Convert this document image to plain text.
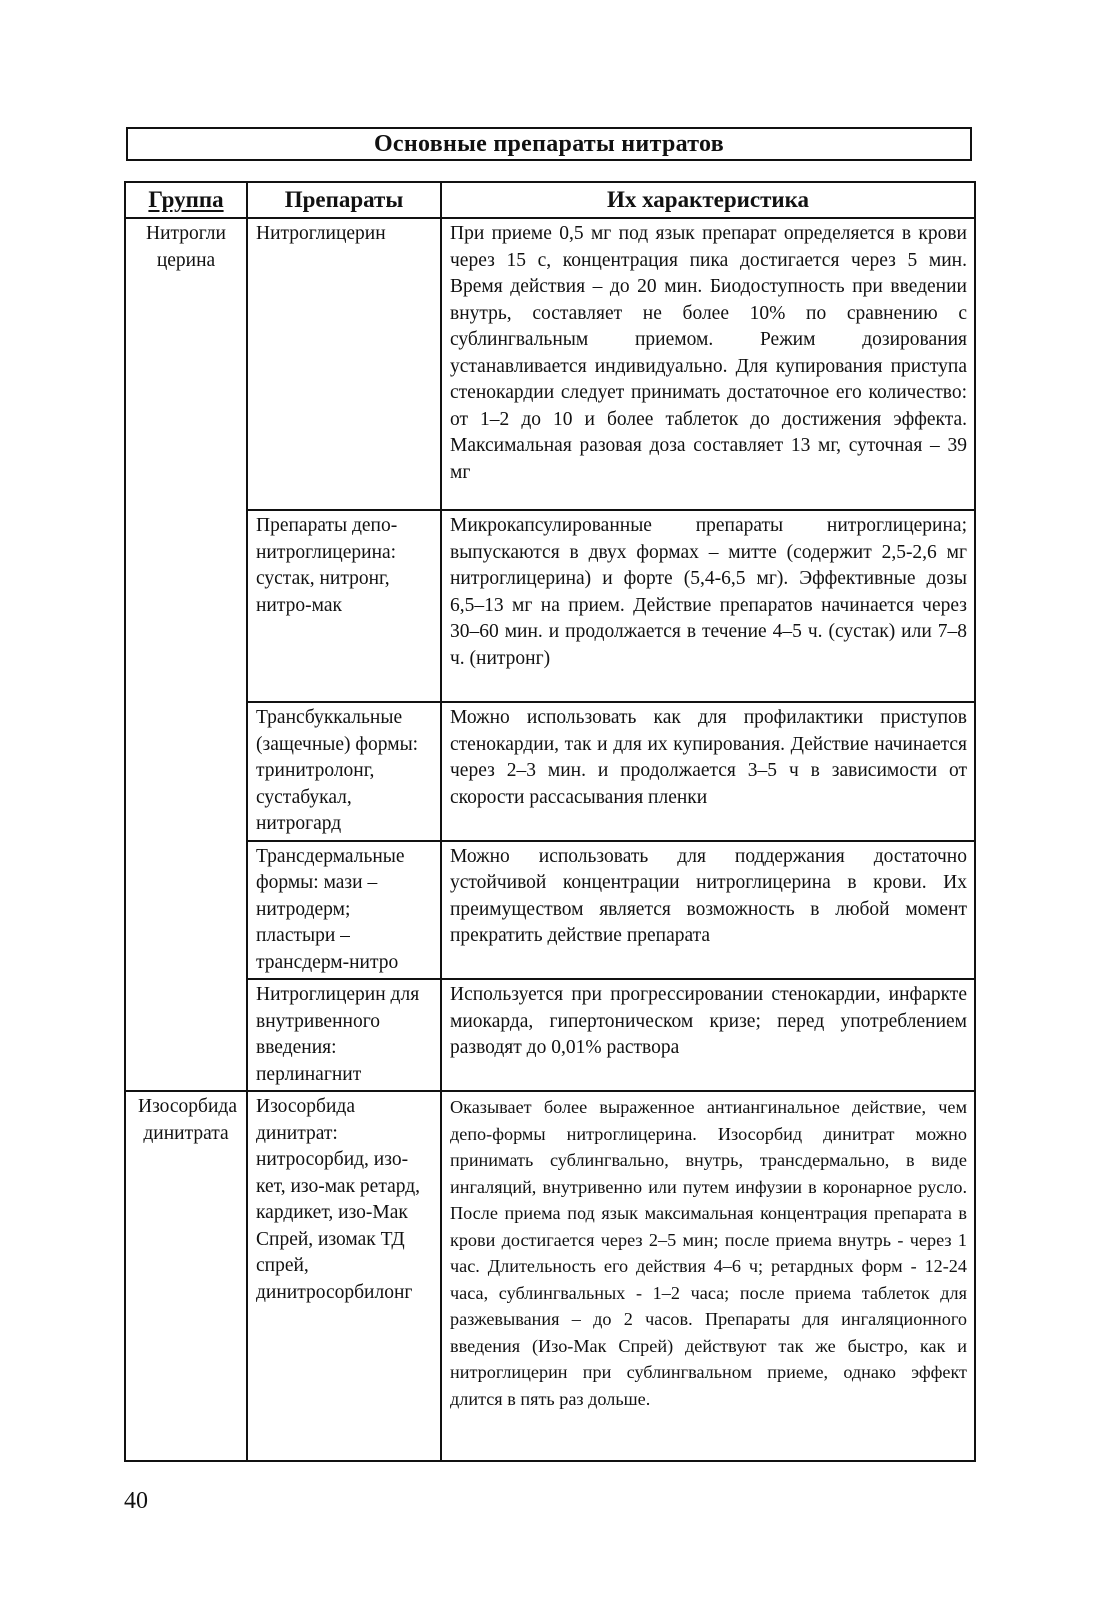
Основные препараты нитратов
Группа	Препараты	Их характеристика

Нитроглицерина	Нитроглицерин	При приеме 0,5 мг под язык препарат определяется в крови через 15 с, концентрация пика достигается через 5 мин. Время действия – до 20 мин. Биодоступность при введении внутрь, составляет не более 10% по сравнению с сублингвальным приемом. Режим дозирования устанавливается индивидуально. Для купирования приступа стенокардии следует принимать достаточное его количество: от 1–2 до 10 и более таблеток до достижения эффекта. Максимальная разовая доза составляет 13 мг, суточная – 39 мг

	Препараты депо-нитроглицерина: сустак, нитронг, нитро-мак	Микрокапсулированные препараты нитроглицерина; выпускаются в двух формах – митте (содержит 2,5-2,6 мг нитроглицерина) и форте (5,4-6,5 мг). Эффективные дозы 6,5–13 мг на прием. Действие препаратов начинается через 30–60 мин. и продолжается в течение 4–5 ч. (сустак) или 7–8 ч. (нитронг)

	Трансбуккальные (защечные) формы: тринитролонг, сустабукал, нитрогард	Можно использовать как для профилактики приступов стенокардии, так и для их купирования. Действие начинается через 2–3 мин. и продолжается 3–5 ч в зависимости от скорости рассасывания пленки

	Трансдермальные формы: мази – нитродерм; пластыри – трансдерм-нитро	Можно использовать для поддержания достаточно устойчивой концентрации нитроглицерина в крови. Их преимуществом является возможность в любой момент прекратить действие препарата

	Нитроглицерин для внутривенного введения: перлинагнит	Используется при прогрессировании стенокардии, инфаркте миокарда, гипертоническом кризе; перед употреблением разводят до 0,01% раствора

Изосорбида динитрата	Изосорбида динитрат: нитросорбид, изо-кет, изо-мак ретард, кардикет, изо-Мак Спрей, изомак ТД спрей, динитросорбилонг	Оказывает более выраженное антиангинальное действие, чем депо-формы нитроглицерина. Изосорбид динитрат можно принимать сублингвально, внутрь, трансдермально, в виде ингаляций, внутривенно или путем инфузии в коронарное русло. После приема под язык максимальная концентрация препарата в крови достигается через 2–5 мин; после приема внутрь - через 1 час. Длительность его действия 4–6 ч; ретардных форм - 12-24 часа, сублингвальных - 1–2 часа; после приема таблеток для разжевывания – до 2 часов. Препараты для ингаляционного введения (Изо-Мак Спрей) действуют так же быстро, как и нитроглицерин при сублингвальном приеме, однако эффект длится в пять раз дольше.
40
